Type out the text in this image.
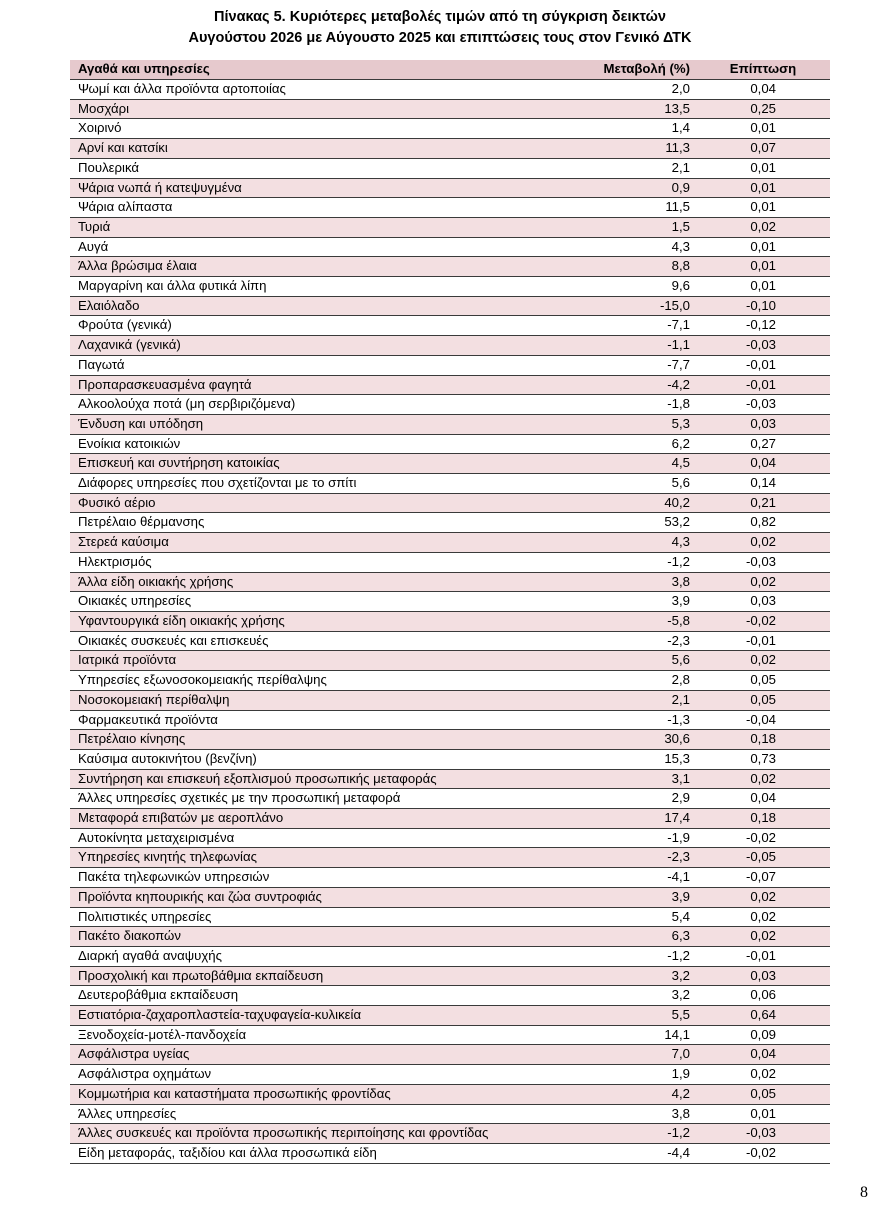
Πίνακας 5. Κυριότερες μεταβολές τιμών από τη σύγκριση δεικτών
Αυγούστου 2026 με Αύγουστο 2025 και επιπτώσεις τους στον Γενικό ΔΤΚ
Αγαθά και υπηρεσίες	Μεταβολή (%)	Επίπτωση
Ψωμί και άλλα προϊόντα αρτοποιίας	2,0	0,04
Μοσχάρι	13,5	0,25
Χοιρινό	1,4	0,01
Αρνί και κατσίκι	11,3	0,07
Πουλερικά	2,1	0,01
Ψάρια νωπά ή κατεψυγμένα	0,9	0,01
Ψάρια αλίπαστα	11,5	0,01
Τυριά	1,5	0,02
Αυγά	4,3	0,01
Άλλα βρώσιμα έλαια	8,8	0,01
Μαργαρίνη και άλλα φυτικά λίπη	9,6	0,01
Ελαιόλαδο	-15,0	-0,10
Φρούτα (γενικά)	-7,1	-0,12
Λαχανικά (γενικά)	-1,1	-0,03
Παγωτά	-7,7	-0,01
Προπαρασκευασμένα φαγητά	-4,2	-0,01
Αλκοολούχα ποτά (μη σερβιριζόμενα)	-1,8	-0,03
Ένδυση και υπόδηση	5,3	0,03
Ενοίκια κατοικιών	6,2	0,27
Επισκευή και συντήρηση κατοικίας	4,5	0,04
Διάφορες υπηρεσίες που σχετίζονται με το σπίτι	5,6	0,14
Φυσικό αέριο	40,2	0,21
Πετρέλαιο θέρμανσης	53,2	0,82
Στερεά καύσιμα	4,3	0,02
Ηλεκτρισμός	-1,2	-0,03
Άλλα είδη οικιακής χρήσης	3,8	0,02
Οικιακές υπηρεσίες	3,9	0,03
Υφαντουργικά είδη οικιακής χρήσης	-5,8	-0,02
Οικιακές συσκευές και επισκευές	-2,3	-0,01
Ιατρικά προϊόντα	5,6	0,02
Υπηρεσίες εξωνοσοκομειακής περίθαλψης	2,8	0,05
Νοσοκομειακή περίθαλψη	2,1	0,05
Φαρμακευτικά προϊόντα	-1,3	-0,04
Πετρέλαιο κίνησης	30,6	0,18
Καύσιμα αυτοκινήτου (βενζίνη)	15,3	0,73
Συντήρηση και επισκευή εξοπλισμού προσωπικής μεταφοράς	3,1	0,02
Άλλες υπηρεσίες σχετικές με την προσωπική μεταφορά	2,9	0,04
Μεταφορά επιβατών με αεροπλάνο	17,4	0,18
Αυτοκίνητα μεταχειρισμένα	-1,9	-0,02
Υπηρεσίες κινητής τηλεφωνίας	-2,3	-0,05
Πακέτα τηλεφωνικών υπηρεσιών	-4,1	-0,07
Προϊόντα κηπουρικής και ζώα συντροφιάς	3,9	0,02
Πολιτιστικές υπηρεσίες	5,4	0,02
Πακέτο διακοπών	6,3	0,02
Διαρκή αγαθά αναψυχής	-1,2	-0,01
Προσχολική και πρωτοβάθμια εκπαίδευση	3,2	0,03
Δευτεροβάθμια εκπαίδευση	3,2	0,06
Εστιατόρια-ζαχαροπλαστεία-ταχυφαγεία-κυλικεία	5,5	0,64
Ξενοδοχεία-μοτέλ-πανδοχεία	14,1	0,09
Ασφάλιστρα υγείας	7,0	0,04
Ασφάλιστρα οχημάτων	1,9	0,02
Κομμωτήρια και καταστήματα προσωπικής φροντίδας	4,2	0,05
Άλλες υπηρεσίες	3,8	0,01
Άλλες συσκευές και προϊόντα προσωπικής περιποίησης και φροντίδας	-1,2	-0,03
Είδη μεταφοράς, ταξιδίου και άλλα προσωπικά είδη	-4,4	-0,02
8
